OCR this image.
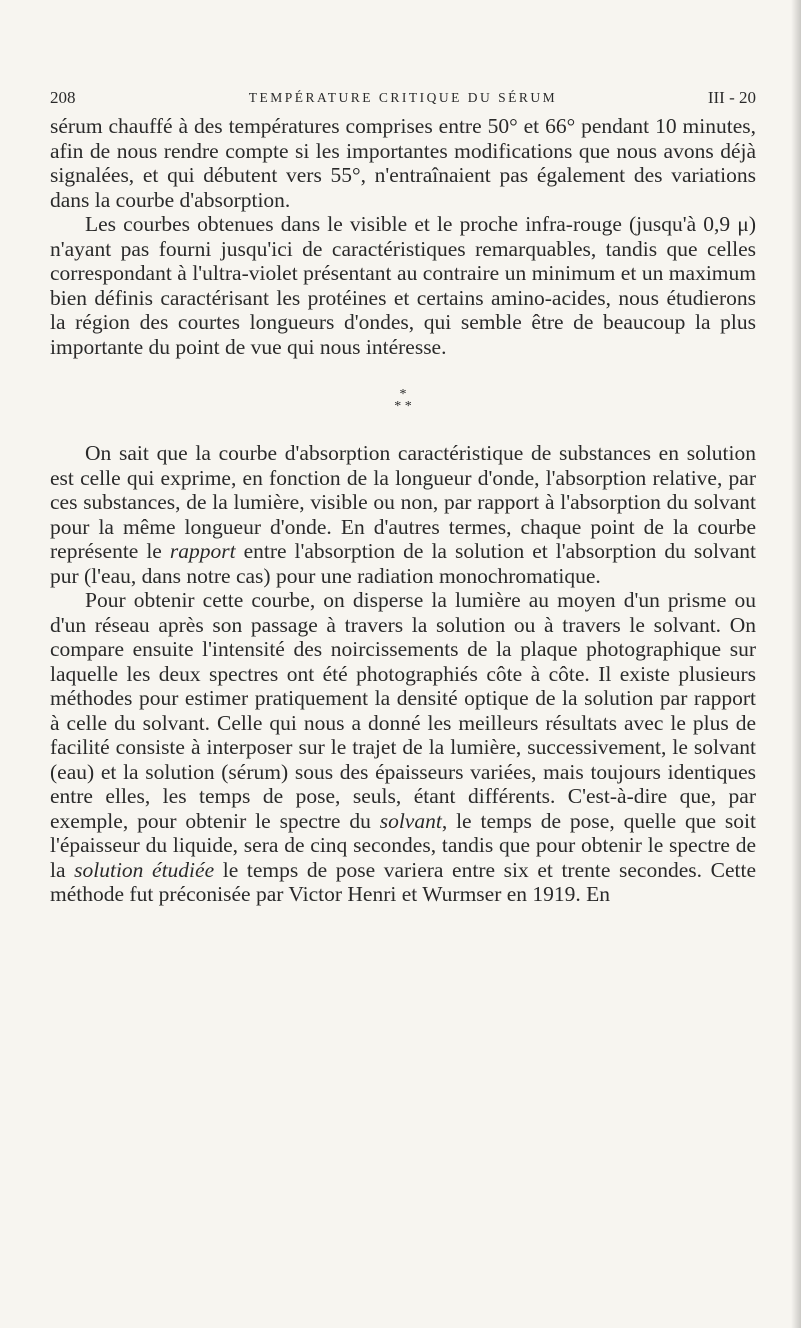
208	TEMPÉRATURE CRITIQUE DU SÉRUM	III - 20

sérum chauffé à des températures comprises entre 50° et 66° pendant 10 minutes, afin de nous rendre compte si les importantes modifications que nous avons déjà signalées, et qui débutent vers 55°, n'entraînaient pas également des variations dans la courbe d'absorption.

Les courbes obtenues dans le visible et le proche infra-rouge (jusqu'à 0,9 μ) n'ayant pas fourni jusqu'ici de caractéristiques remarquables, tandis que celles correspondant à l'ultra-violet présentant au contraire un minimum et un maximum bien définis caractérisant les protéines et certains amino-acides, nous étudierons la région des courtes longueurs d'ondes, qui semble être de beaucoup la plus importante du point de vue qui nous intéresse.

*
* *

On sait que la courbe d'absorption caractéristique de substances en solution est celle qui exprime, en fonction de la longueur d'onde, l'absorption relative, par ces substances, de la lumière, visible ou non, par rapport à l'absorption du solvant pour la même longueur d'onde. En d'autres termes, chaque point de la courbe représente le rapport entre l'absorption de la solution et l'absorption du solvant pur (l'eau, dans notre cas) pour une radiation monochromatique.

Pour obtenir cette courbe, on disperse la lumière au moyen d'un prisme ou d'un réseau après son passage à travers la solution ou à travers le solvant. On compare ensuite l'intensité des noircissements de la plaque photographique sur laquelle les deux spectres ont été photographiés côte à côte. Il existe plusieurs méthodes pour estimer pratiquement la densité optique de la solution par rapport à celle du solvant. Celle qui nous a donné les meilleurs résultats avec le plus de facilité consiste à interposer sur le trajet de la lumière, successivement, le solvant (eau) et la solution (sérum) sous des épaisseurs variées, mais toujours identiques entre elles, les temps de pose, seuls, étant différents. C'est-à-dire que, par exemple, pour obtenir le spectre du solvant, le temps de pose, quelle que soit l'épaisseur du liquide, sera de cinq secondes, tandis que pour obtenir le spectre de la solution étudiée le temps de pose variera entre six et trente secondes. Cette méthode fut préconisée par Victor Henri et Wurmser en 1919. En
